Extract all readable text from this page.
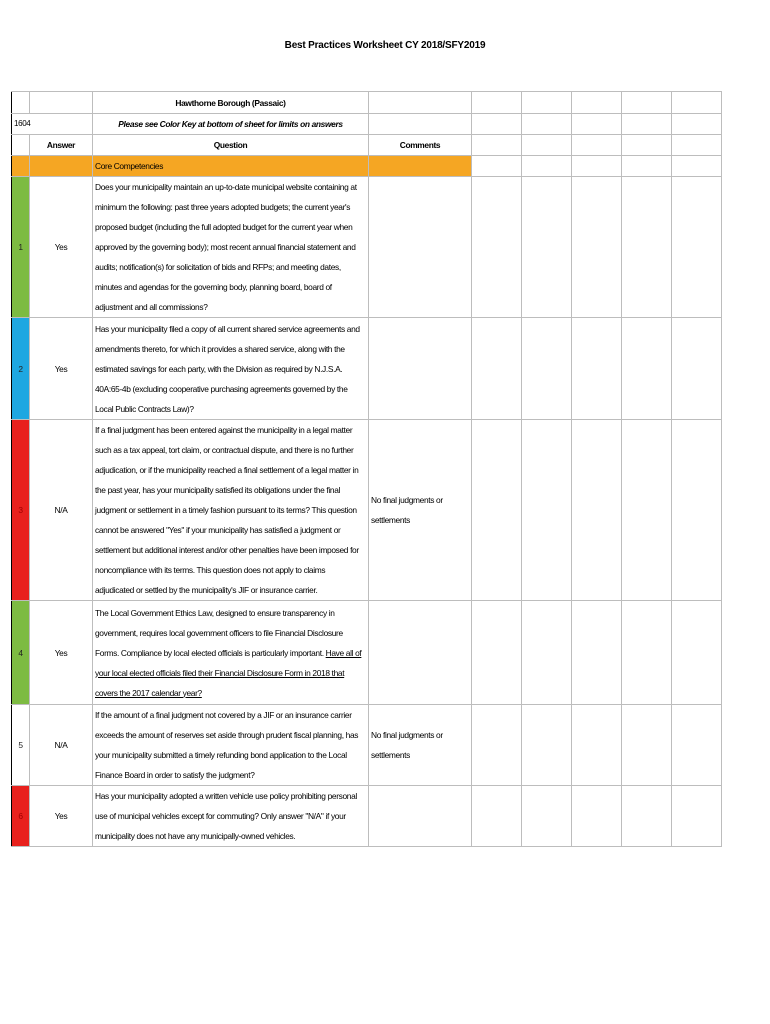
Best Practices Worksheet CY 2018/SFY2019
		Hawthorne Borough (Passaic)						
1604		Please see Color Key at bottom of sheet for limits on answers						
	Answer	Question	Comments					
		Core Competencies						
1	Yes	Does your municipality maintain an up-to-date municipal website containing at minimum the following: past three years adopted budgets; the current year's proposed budget (including the full adopted budget for the current year when approved by the governing body); most recent annual financial statement and audits; notification(s) for solicitation of bids and RFPs; and meeting dates, minutes and agendas for the governing body, planning board, board of adjustment and all commissions?						
2	Yes	Has your municipality filed a copy of all current shared service agreements and amendments thereto, for which it provides a shared service, along with the estimated savings for each party, with the Division as required by N.J.S.A. 40A:65-4b (excluding cooperative purchasing agreements governed by the Local Public Contracts Law)?						
3	N/A	If a final judgment has been entered against the municipality in a legal matter such as a tax appeal, tort claim, or contractual dispute, and there is no further adjudication, or if the municipality reached a final settlement of a legal matter in the past year, has your municipality satisfied its obligations under the final judgment or settlement in a timely fashion pursuant to its terms? This question cannot be answered "Yes" if your municipality has satisfied a judgment or settlement but additional interest and/or other penalties have been imposed for noncompliance with its terms. This question does not apply to claims adjudicated or settled by the municipality's JIF or insurance carrier.	No final judgments or settlements					
4	Yes	The Local Government Ethics Law, designed to ensure transparency in government, requires local government officers to file Financial Disclosure Forms. Compliance by local elected officials is particularly important. Have all of your local elected officials filed their Financial Disclosure Form in 2018 that covers the 2017 calendar year?						
5	N/A	If the amount of a final judgment not covered by a JIF or an insurance carrier exceeds the amount of reserves set aside through prudent fiscal planning, has your municipality submitted a timely refunding bond application to the Local Finance Board in order to satisfy the judgment?	No final judgments or settlements					
6	Yes	Has your municipality adopted a written vehicle use policy prohibiting personal use of municipal vehicles except for commuting? Only answer "N/A" if your municipality does not have any municipally-owned vehicles.						
